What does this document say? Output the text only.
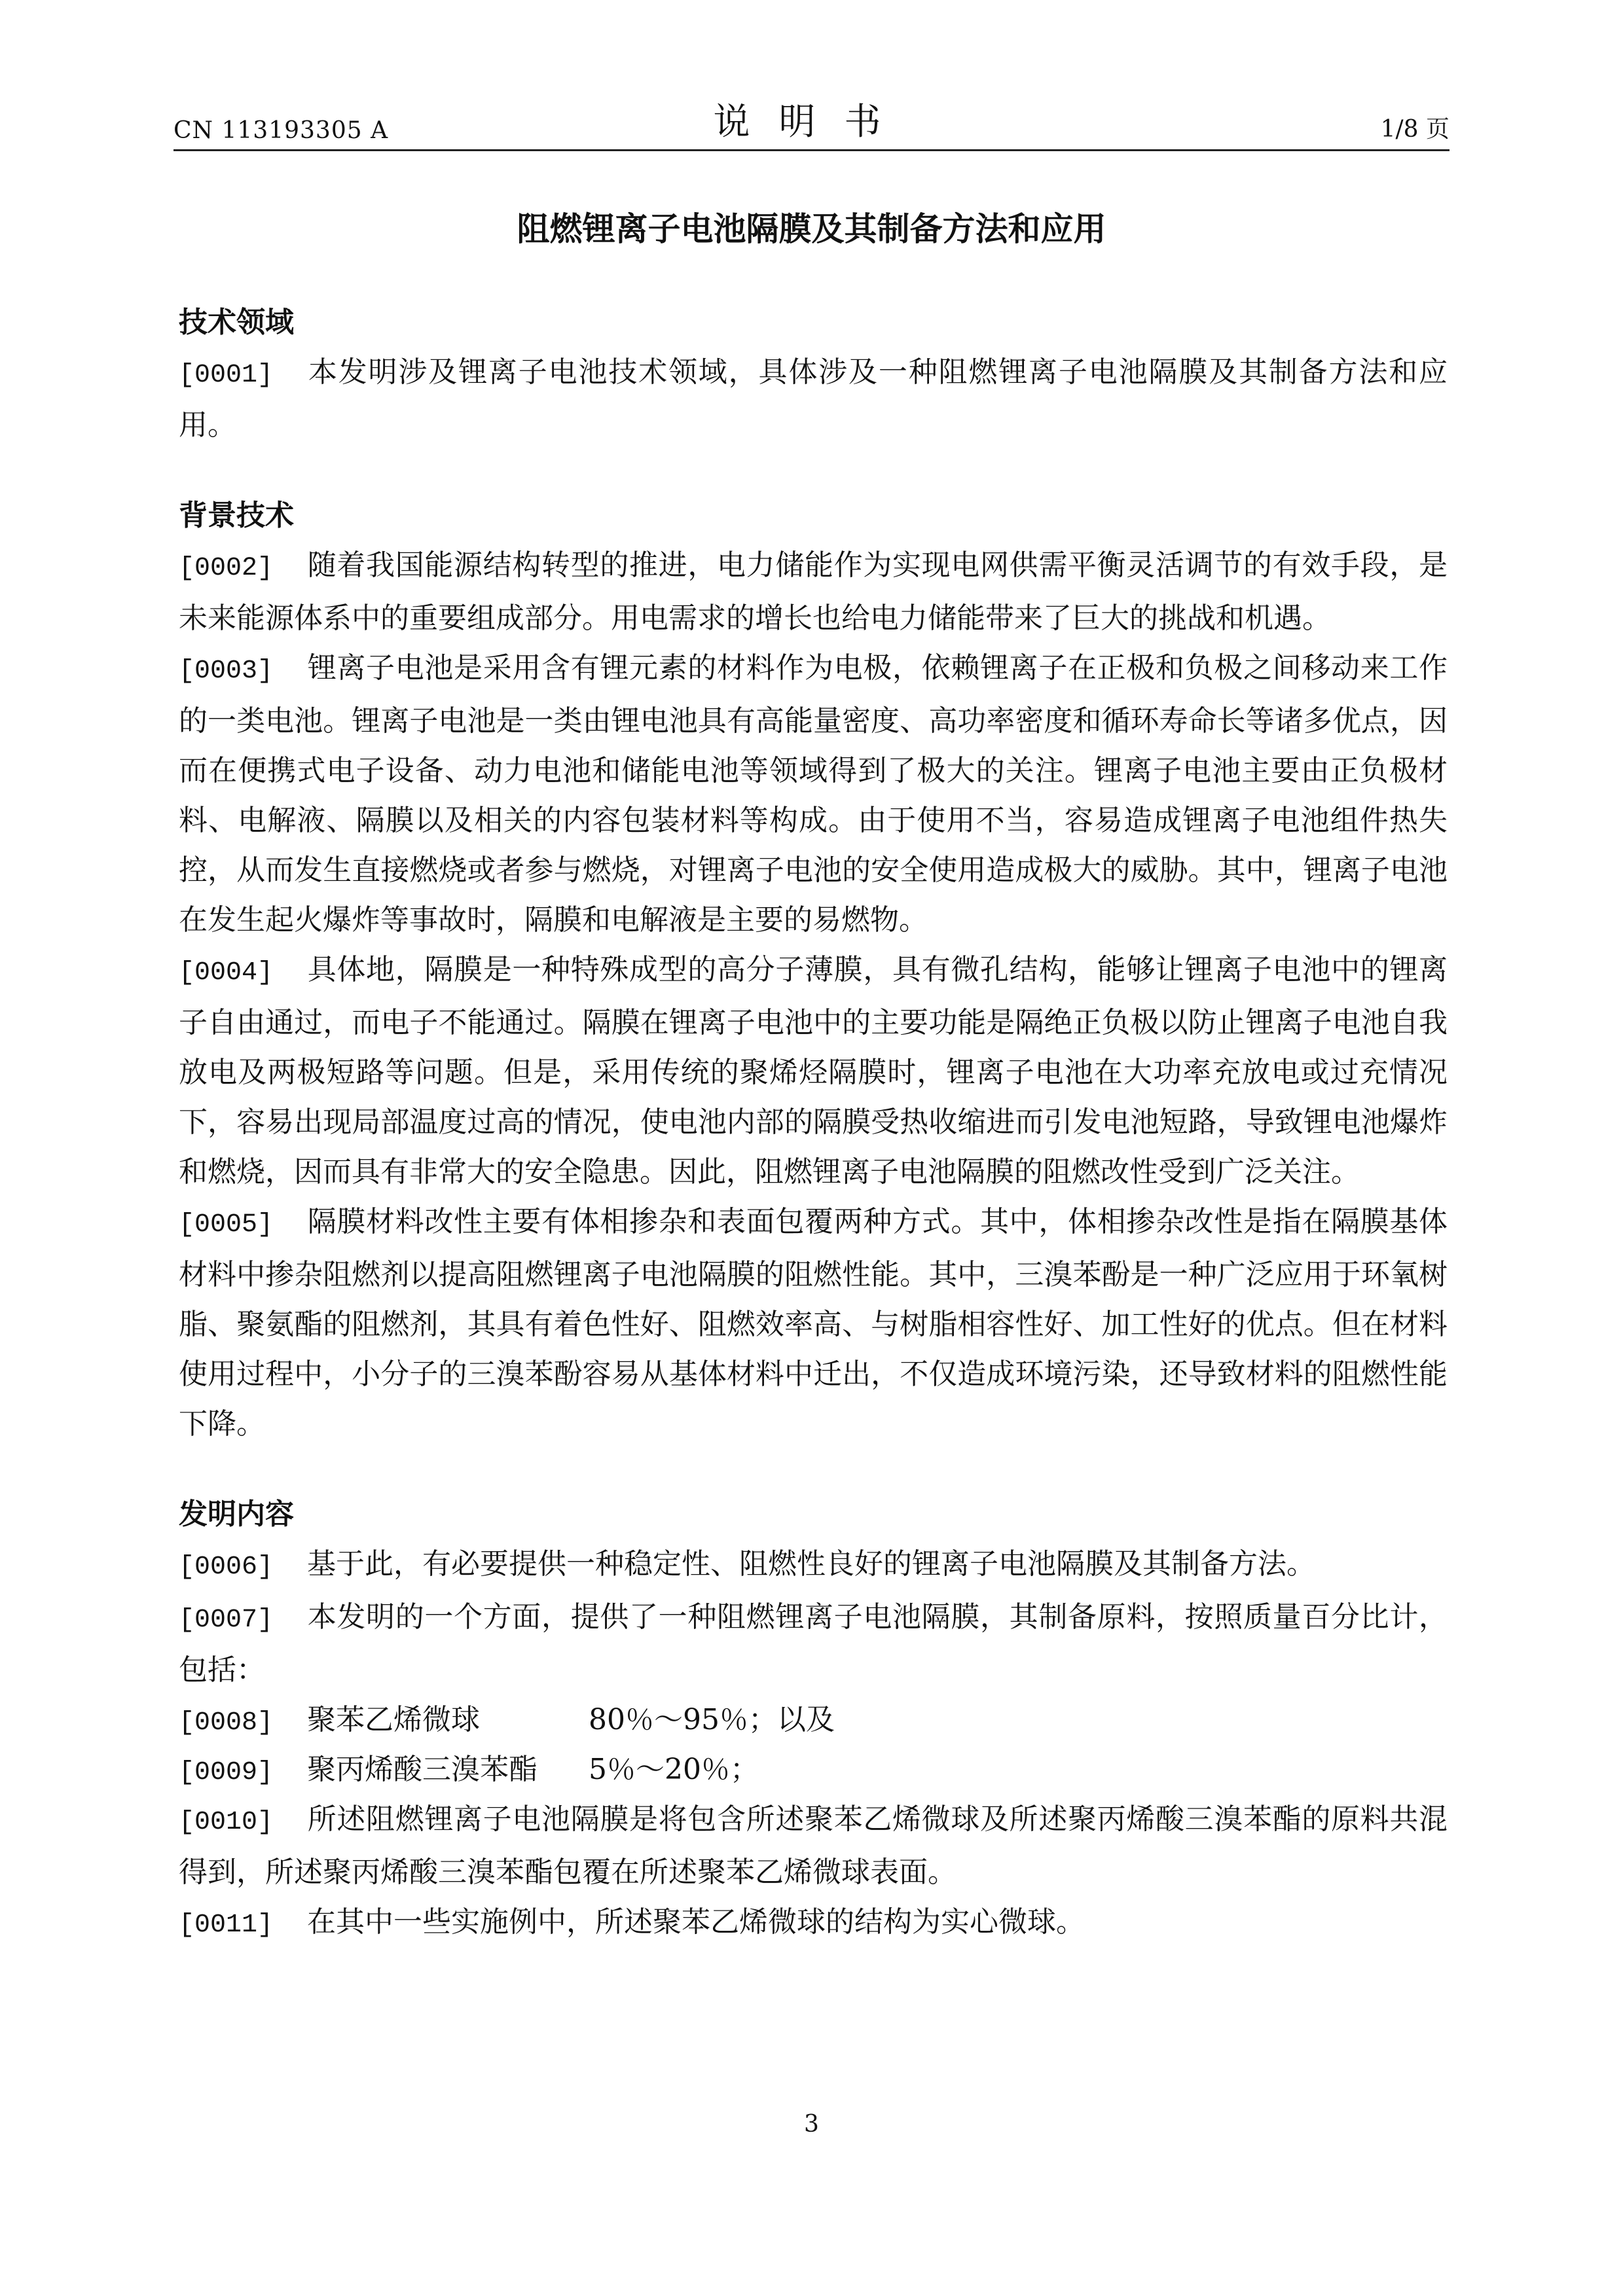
CN 113193305 A	说明书	1/8 页
阻燃锂离子电池隔膜及其制备方法和应用
技术领域
[0001] 本发明涉及锂离子电池技术领域，具体涉及一种阻燃锂离子电池隔膜及其制备方法和应用。
背景技术
[0002] 随着我国能源结构转型的推进，电力储能作为实现电网供需平衡灵活调节的有效手段，是未来能源体系中的重要组成部分。用电需求的增长也给电力储能带来了巨大的挑战和机遇。
[0003] 锂离子电池是采用含有锂元素的材料作为电极，依赖锂离子在正极和负极之间移动来工作的一类电池。锂离子电池是一类由锂电池具有高能量密度、高功率密度和循环寿命长等诸多优点，因而在便携式电子设备、动力电池和储能电池等领域得到了极大的关注。锂离子电池主要由正负极材料、电解液、隔膜以及相关的内容包装材料等构成。由于使用不当，容易造成锂离子电池组件热失控，从而发生直接燃烧或者参与燃烧，对锂离子电池的安全使用造成极大的威胁。其中，锂离子电池在发生起火爆炸等事故时，隔膜和电解液是主要的易燃物。
[0004] 具体地，隔膜是一种特殊成型的高分子薄膜，具有微孔结构，能够让锂离子电池中的锂离子自由通过，而电子不能通过。隔膜在锂离子电池中的主要功能是隔绝正负极以防止锂离子电池自我放电及两极短路等问题。但是，采用传统的聚烯烃隔膜时，锂离子电池在大功率充放电或过充情况下，容易出现局部温度过高的情况，使电池内部的隔膜受热收缩进而引发电池短路，导致锂电池爆炸和燃烧，因而具有非常大的安全隐患。因此，阻燃锂离子电池隔膜的阻燃改性受到广泛关注。
[0005] 隔膜材料改性主要有体相掺杂和表面包覆两种方式。其中，体相掺杂改性是指在隔膜基体材料中掺杂阻燃剂以提高阻燃锂离子电池隔膜的阻燃性能。其中，三溴苯酚是一种广泛应用于环氧树脂、聚氨酯的阻燃剂，其具有着色性好、阻燃效率高、与树脂相容性好、加工性好的优点。但在材料使用过程中，小分子的三溴苯酚容易从基体材料中迁出，不仅造成环境污染，还导致材料的阻燃性能下降。
发明内容
[0006] 基于此，有必要提供一种稳定性、阻燃性良好的锂离子电池隔膜及其制备方法。
[0007] 本发明的一个方面，提供了一种阻燃锂离子电池隔膜，其制备原料，按照质量百分比计，包括：
[0008] 聚苯乙烯微球	80％～95％；以及
[0009] 聚丙烯酸三溴苯酯 5％～20％；
[0010] 所述阻燃锂离子电池隔膜是将包含所述聚苯乙烯微球及所述聚丙烯酸三溴苯酯的原料共混得到，所述聚丙烯酸三溴苯酯包覆在所述聚苯乙烯微球表面。
[0011] 在其中一些实施例中，所述聚苯乙烯微球的结构为实心微球。
3
